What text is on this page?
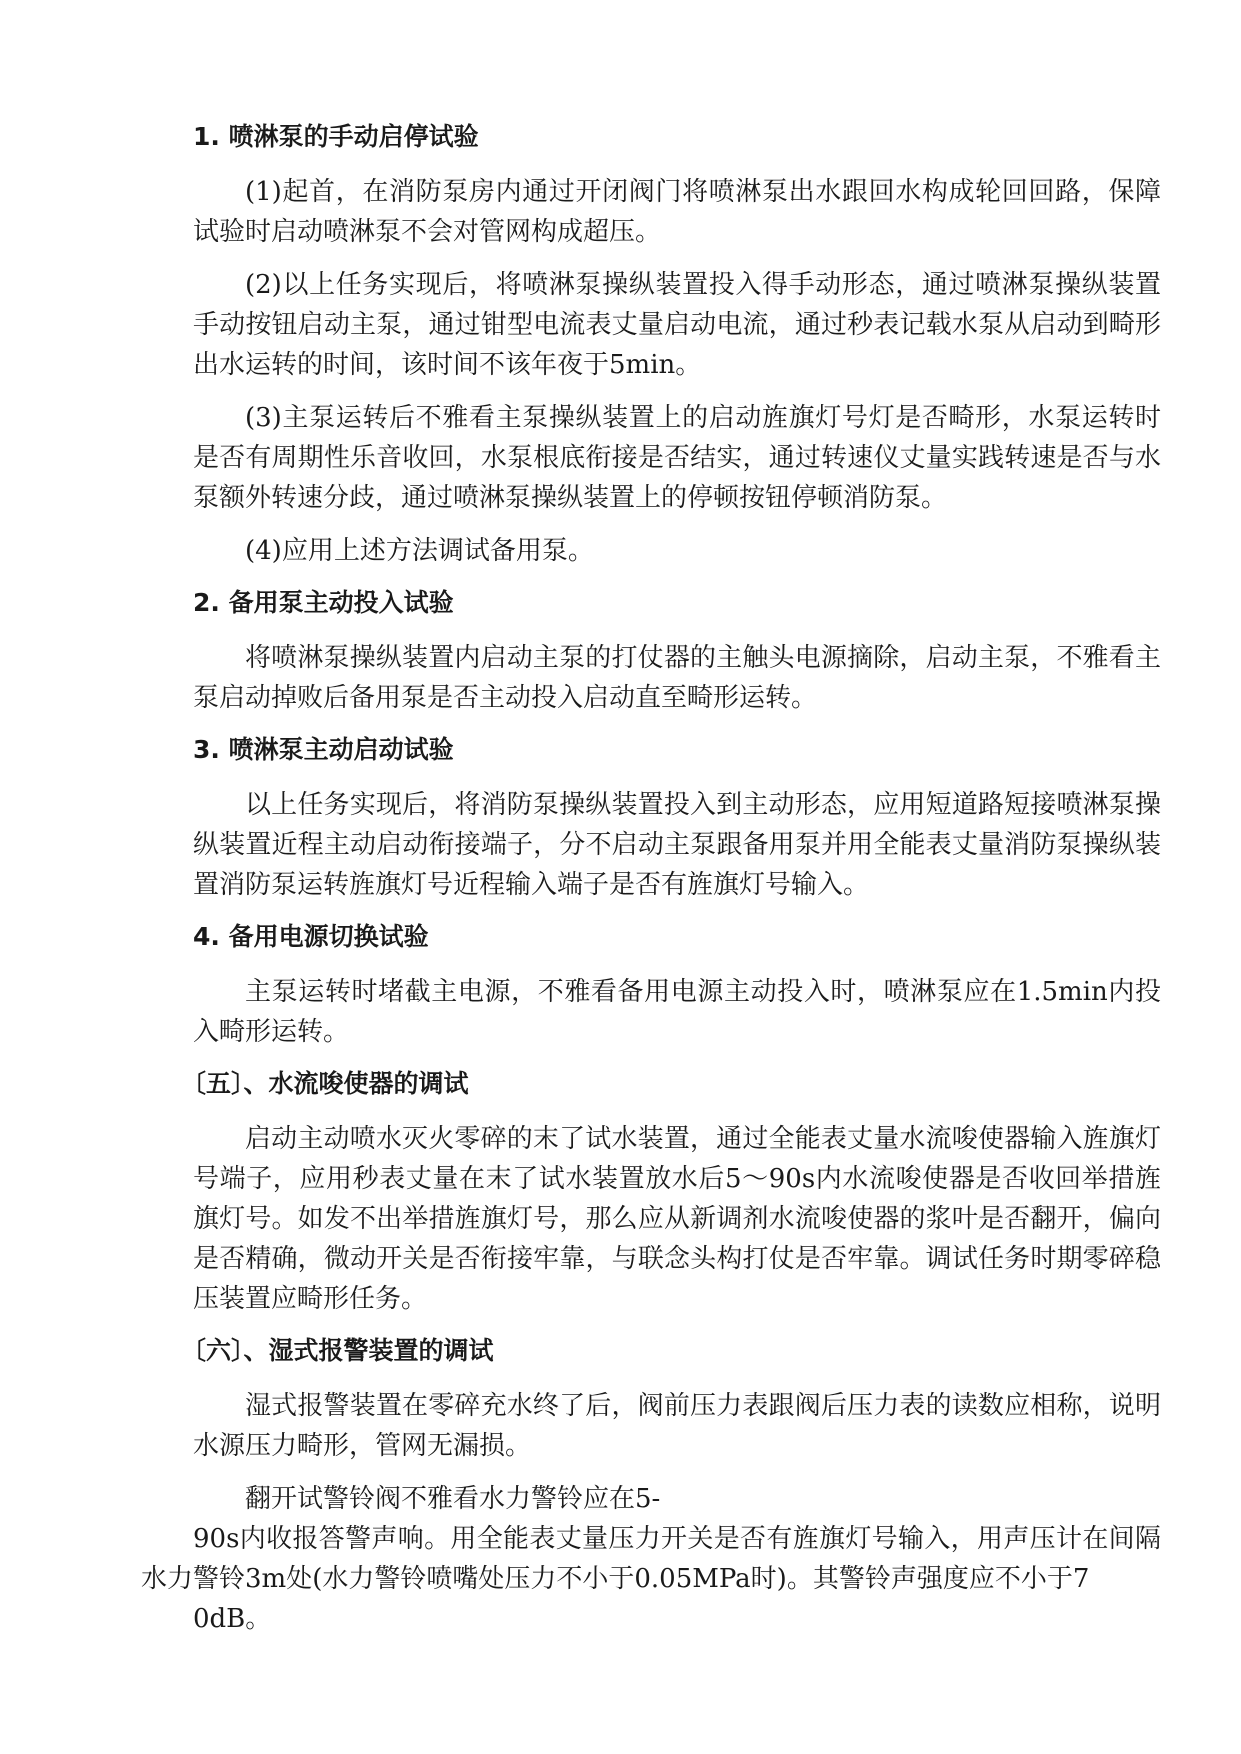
1. 喷淋泵的手动启停试验
(1)起首，在消防泵房内通过开闭阀门将喷淋泵出水跟回水构成轮回回路，保障试验时启动喷淋泵不会对管网构成超压。
(2)以上任务实现后，将喷淋泵操纵装置投入得手动形态，通过喷淋泵操纵装置手动按钮启动主泵，通过钳型电流表丈量启动电流，通过秒表记载水泵从启动到畸形出水运转的时间，该时间不该年夜于5min。
(3)主泵运转后不雅看主泵操纵装置上的启动旌旗灯号灯是否畸形，水泵运转时是否有周期性乐音收回，水泵根底衔接是否结实，通过转速仪丈量实践转速是否与水泵额外转速分歧，通过喷淋泵操纵装置上的停顿按钮停顿消防泵。
(4)应用上述方法调试备用泵。
2. 备用泵主动投入试验
将喷淋泵操纵装置内启动主泵的打仗器的主触头电源摘除，启动主泵，不雅看主泵启动掉败后备用泵是否主动投入启动直至畸形运转。
3. 喷淋泵主动启动试验
以上任务实现后，将消防泵操纵装置投入到主动形态，应用短道路短接喷淋泵操纵装置近程主动启动衔接端子，分不启动主泵跟备用泵并用全能表丈量消防泵操纵装置消防泵运转旌旗灯号近程输入端子是否有旌旗灯号输入。
4. 备用电源切换试验
主泵运转时堵截主电源，不雅看备用电源主动投入时，喷淋泵应在1.5min内投入畸形运转。
〔五〕、水流唆使器的调试
启动主动喷水灭火零碎的末了试水装置，通过全能表丈量水流唆使器输入旌旗灯号端子，应用秒表丈量在末了试水装置放水后5～90s内水流唆使器是否收回举措旌旗灯号。如发不出举措旌旗灯号，那么应从新调剂水流唆使器的浆叶是否翻开，偏向是否精确，微动开关是否衔接牢靠，与联念头构打仗是否牢靠。调试任务时期零碎稳压装置应畸形任务。
〔六〕、湿式报警装置的调试
湿式报警装置在零碎充水终了后，阀前压力表跟阀后压力表的读数应相称，说明水源压力畸形，管网无漏损。
翻开试警铃阀不雅看水力警铃应在5-
90s内收报答警声响。用全能表丈量压力开关是否有旌旗灯号输入，用声压计在间隔水力警铃3m处(水力警铃喷嘴处压力不小于0.05MPa时)。其警铃声强度应不小于7
0dB。
